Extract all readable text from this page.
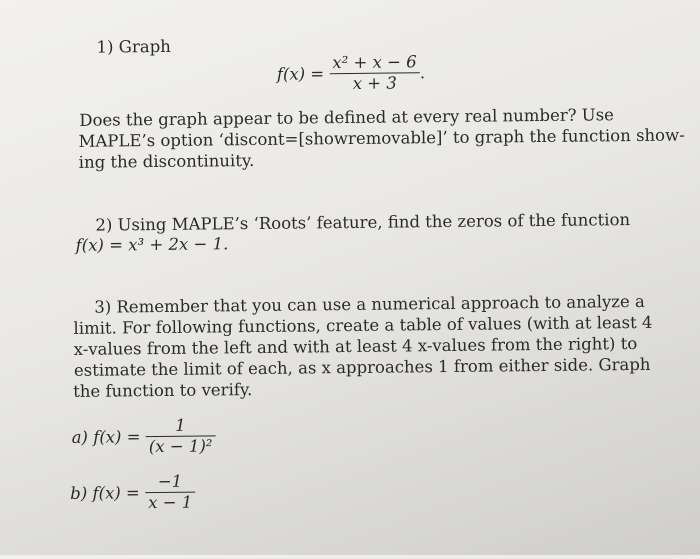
1) Graph
$f(x) = \frac{\text{x² + x − 6}}{x + 3}$ .
Does the graph appear to be defined at every real number? Use
MAPLE’s option ‘discont=[showremovable]’ to graph the function show-
ing the discontinuity.
2) Using MAPLE’s ‘Roots’ feature, find the zeros of the function
f(x) = x³ + 2x − 1.
3) Remember that you can use a numerical approach to analyze a
limit. For following functions, create a table of values (with at least 4
x-values from the left and with at least 4 x-values from the right) to
estimate the limit of each, as x approaches 1 from either side. Graph
the function to verify.
a) $f(x) = \frac{1}{\text{(x − 1)²}}$
b) $f(x) = \frac{-1}{x - 1}$
